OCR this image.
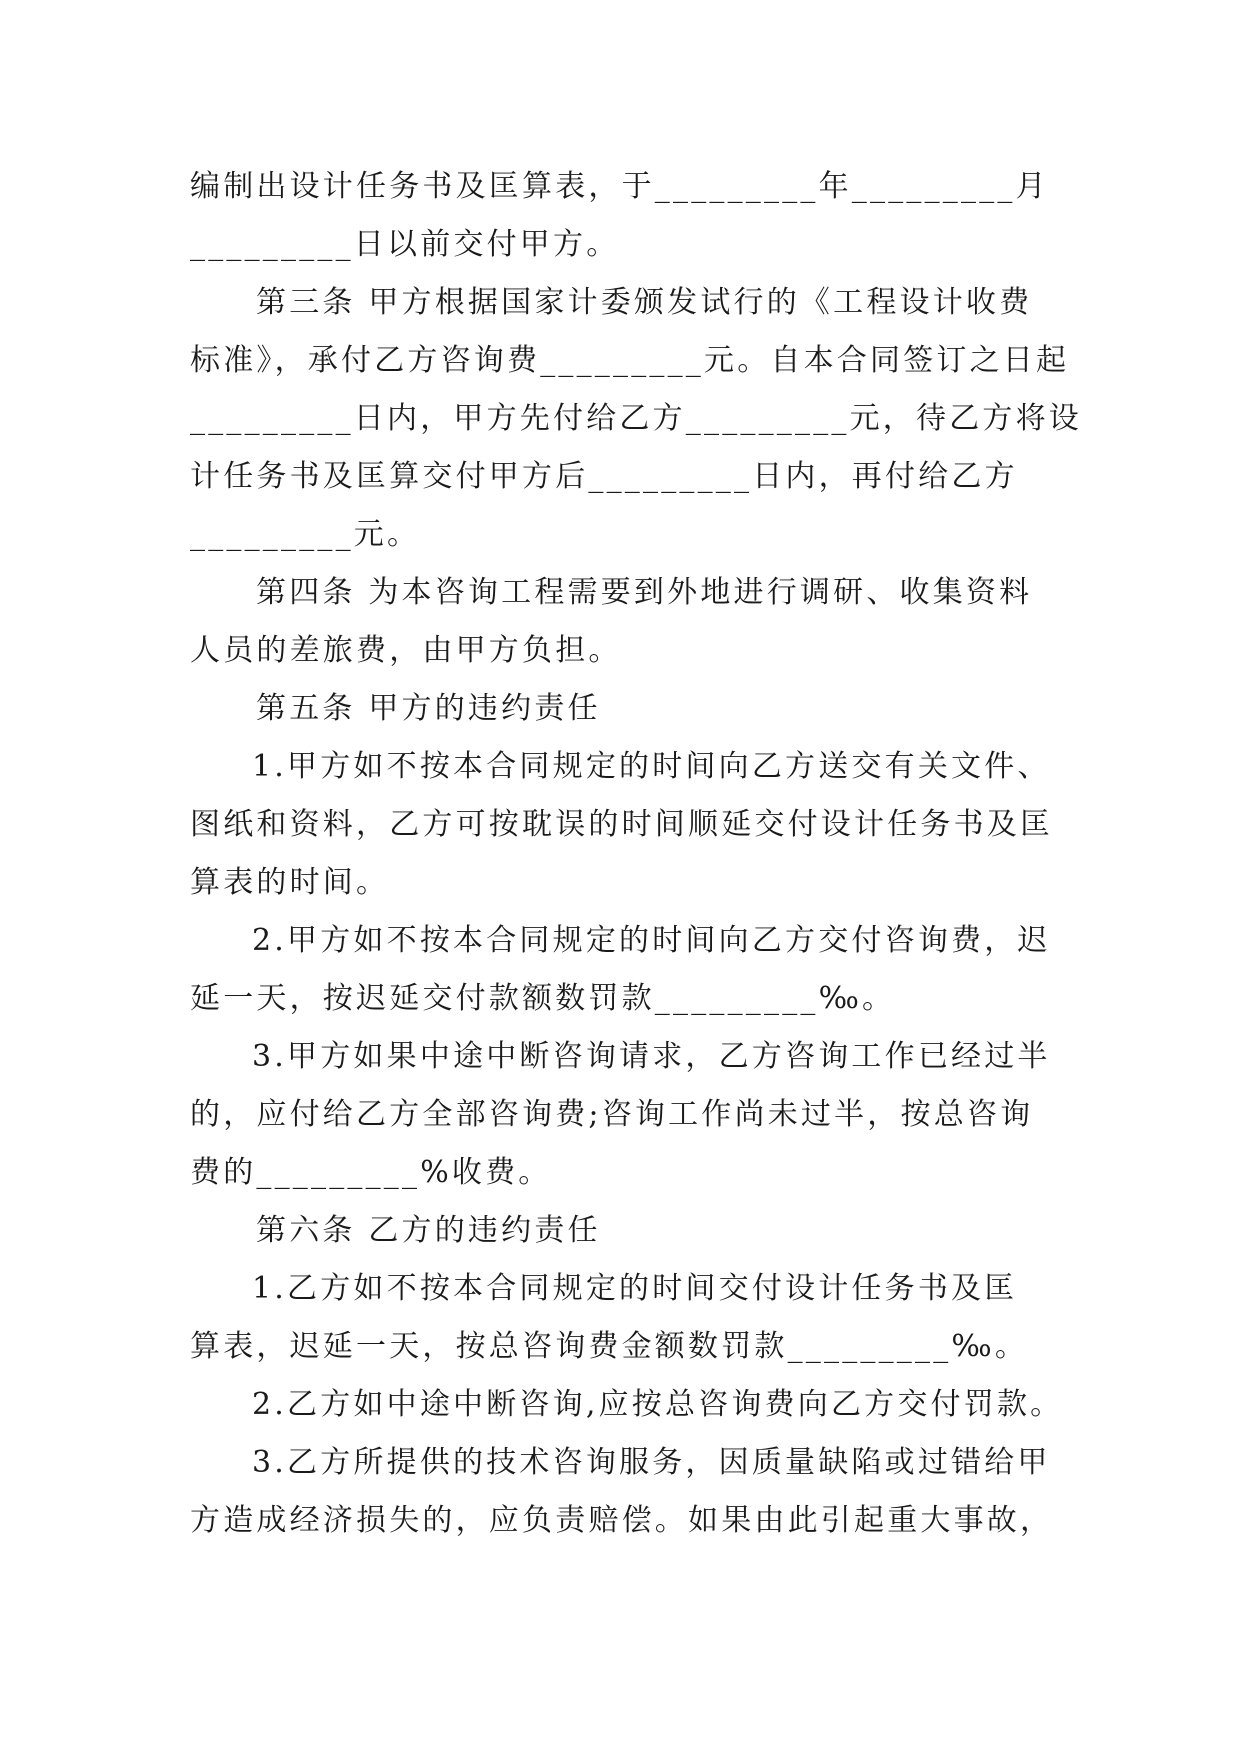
编制出设计任务书及匡算表，于_________年_________月
_________日以前交付甲方。
第三条 甲方根据国家计委颁发试行的《工程设计收费
标准》，承付乙方咨询费_________元。自本合同签订之日起
_________日内，甲方先付给乙方_________元，待乙方将设
计任务书及匡算交付甲方后_________日内，再付给乙方
_________元。
第四条 为本咨询工程需要到外地进行调研、收集资料
人员的差旅费，由甲方负担。
第五条 甲方的违约责任
1.甲方如不按本合同规定的时间向乙方送交有关文件、
图纸和资料，乙方可按耽误的时间顺延交付设计任务书及匡
算表的时间。
2.甲方如不按本合同规定的时间向乙方交付咨询费，迟
延一天，按迟延交付款额数罚款_________‰。
3.甲方如果中途中断咨询请求，乙方咨询工作已经过半
的，应付给乙方全部咨询费;咨询工作尚未过半，按总咨询
费的_________%收费。
第六条 乙方的违约责任
1.乙方如不按本合同规定的时间交付设计任务书及匡
算表，迟延一天，按总咨询费金额数罚款_________‰。
2.乙方如中途中断咨询,应按总咨询费向乙方交付罚款。
3.乙方所提供的技术咨询服务，因质量缺陷或过错给甲
方造成经济损失的，应负责赔偿。如果由此引起重大事故，
